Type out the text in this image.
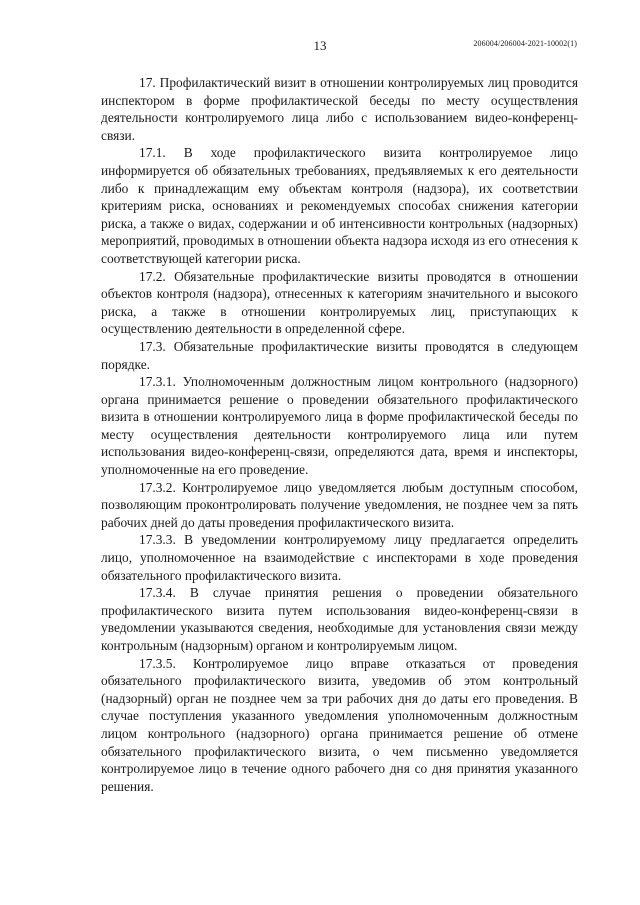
13	206004/206004-2021-10002(1)

17. Профилактический визит в отношении контролируемых лиц проводится инспектором в форме профилактической беседы по месту осуществления деятельности контролируемого лица либо с использованием видео-конференц-связи.

17.1. В ходе профилактического визита контролируемое лицо информируется об обязательных требованиях, предъявляемых к его деятельности либо к принадлежащим ему объектам контроля (надзора), их соответствии критериям риска, основаниях и рекомендуемых способах снижения категории риска, а также о видах, содержании и об интенсивности контрольных (надзорных) мероприятий, проводимых в отношении объекта надзора исходя из его отнесения к соответствующей категории риска.

17.2. Обязательные профилактические визиты проводятся в отношении объектов контроля (надзора), отнесенных к категориям значительного и высокого риска, а также в отношении контролируемых лиц, приступающих к осуществлению деятельности в определенной сфере.

17.3. Обязательные профилактические визиты проводятся в следующем порядке.

17.3.1. Уполномоченным должностным лицом контрольного (надзорного) органа принимается решение о проведении обязательного профилактического визита в отношении контролируемого лица в форме профилактической беседы по месту осуществления деятельности контролируемого лица или путем использования видео-конференц-связи, определяются дата, время и инспекторы, уполномоченные на его проведение.

17.3.2. Контролируемое лицо уведомляется любым доступным способом, позволяющим проконтролировать получение уведомления, не позднее чем за пять рабочих дней до даты проведения профилактического визита.

17.3.3. В уведомлении контролируемому лицу предлагается определить лицо, уполномоченное на взаимодействие с инспекторами в ходе проведения обязательного профилактического визита.

17.3.4. В случае принятия решения о проведении обязательного профилактического визита путем использования видео-конференц-связи в уведомлении указываются сведения, необходимые для установления связи между контрольным (надзорным) органом и контролируемым лицом.

17.3.5. Контролируемое лицо вправе отказаться от проведения обязательного профилактического визита, уведомив об этом контрольный (надзорный) орган не позднее чем за три рабочих дня до даты его проведения. В случае поступления указанного уведомления уполномоченным должностным лицом контрольного (надзорного) органа принимается решение об отмене обязательного профилактического визита, о чем письменно уведомляется контролируемое лицо в течение одного рабочего дня со дня принятия указанного решения.
